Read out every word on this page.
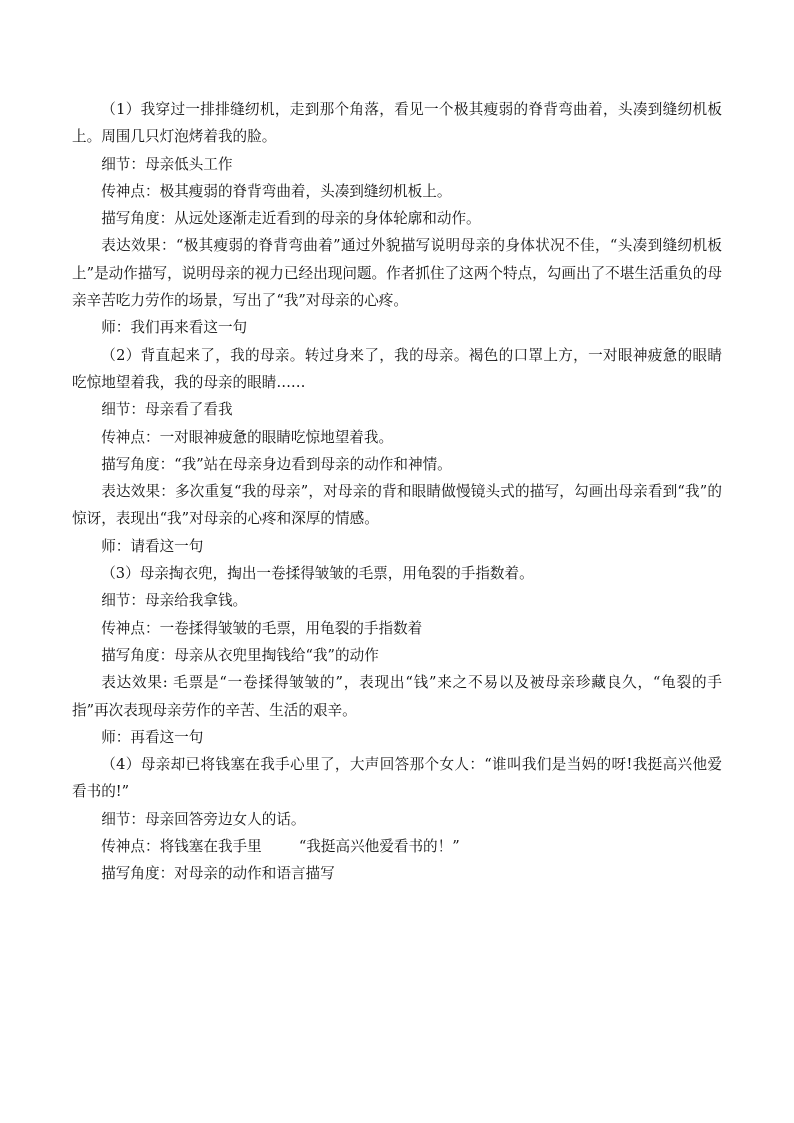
（1）我穿过一排排缝纫机，走到那个角落，看见一个极其瘦弱的脊背弯曲着，头凑到缝纫机板上。周围几只灯泡烤着我的脸。

细节：母亲低头工作

传神点：极其瘦弱的脊背弯曲着，头凑到缝纫机板上。

描写角度：从远处逐渐走近看到的母亲的身体轮廓和动作。

表达效果：“极其瘦弱的脊背弯曲着”通过外貌描写说明母亲的身体状况不佳，“头凑到缝纫机板上”是动作描写，说明母亲的视力已经出现问题。作者抓住了这两个特点，勾画出了不堪生活重负的母亲辛苦吃力劳作的场景，写出了“我”对母亲的心疼。

师：我们再来看这一句

（2）背直起来了，我的母亲。转过身来了，我的母亲。褐色的口罩上方，一对眼神疲惫的眼睛吃惊地望着我，我的母亲的眼睛……

细节：母亲看了看我

传神点：一对眼神疲惫的眼睛吃惊地望着我。

描写角度：“我”站在母亲身边看到母亲的动作和神情。

表达效果：多次重复“我的母亲”，对母亲的背和眼睛做慢镜头式的描写，勾画出母亲看到“我”的惊讶，表现出“我”对母亲的心疼和深厚的情感。

师：请看这一句

（3）母亲掏衣兜，掏出一卷揉得皱皱的毛票，用龟裂的手指数着。

细节：母亲给我拿钱。

传神点：一卷揉得皱皱的毛票，用龟裂的手指数着

描写角度：母亲从衣兜里掏钱给“我”的动作

表达效果: 毛票是“一卷揉得皱皱的”，表现出“钱”来之不易以及被母亲珍藏良久，“龟裂的手指”再次表现母亲劳作的辛苦、生活的艰辛。

师：再看这一句

（4）母亲却已将钱塞在我手心里了，大声回答那个女人：“谁叫我们是当妈的呀!我挺高兴他爱看书的!”

细节：母亲回答旁边女人的话。

传神点：将钱塞在我手里        “我挺高兴他爱看书的！”

描写角度：对母亲的动作和语言描写
